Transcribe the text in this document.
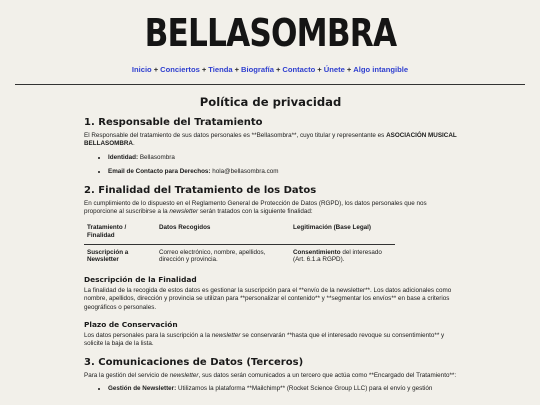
BELLASOMBRA
Inicio + Conciertos + Tienda + Biografía + Contacto + Únete + Algo intangible
Política de privacidad
1. Responsable del Tratamiento

El Responsable del tratamiento de sus datos personales es **Bellasombra**, cuyo titular y representante es ASOCIACIÓN MUSICAL BELLASOMBRA.

• Identidad: Bellasombra
• Email de Contacto para Derechos: hola@bellasombra.com
2. Finalidad del Tratamiento de los Datos

En cumplimiento de lo dispuesto en el Reglamento General de Protección de Datos (RGPD), los datos personales que nos proporcione al suscribirse a la newsletter serán tratados con la siguiente finalidad:

Tratamiento / Finalidad	Datos Recogidos	Legitimación (Base Legal)
Suscripción a Newsletter	Correo electrónico, nombre, apellidos, dirección y provincia.	Consentimiento del interesado (Art. 6.1.a RGPD).
Descripción de la Finalidad

La finalidad de la recogida de estos datos es gestionar la suscripción para el **envío de la newsletter**. Los datos adicionales como nombre, apellidos, dirección y provincia se utilizan para **personalizar el contenido** y **segmentar los envíos** en base a criterios geográficos o personales.

Plazo de Conservación

Los datos personales para la suscripción a la newsletter se conservarán **hasta que el interesado revoque su consentimiento** y solicite la baja de la lista.

3. Comunicaciones de Datos (Terceros)

Para la gestión del servicio de newsletter, sus datos serán comunicados a un tercero que actúa como **Encargado del Tratamiento**:

• Gestión de Newsletter: Utilizamos la plataforma **Mailchimp** (Rocket Science Group LLC) para el envío y gestión
